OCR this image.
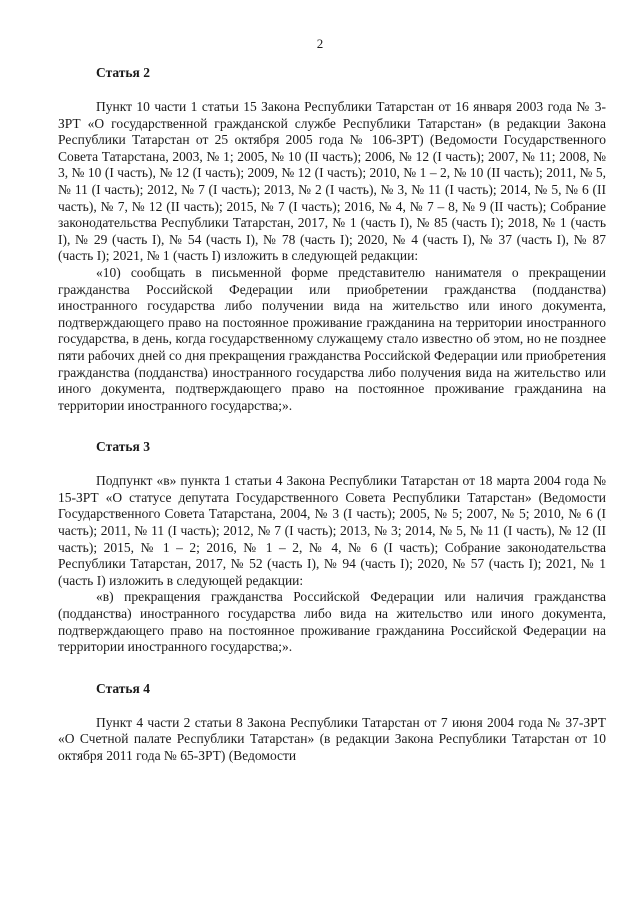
2
Статья 2

Пункт 10 части 1 статьи 15 Закона Республики Татарстан от 16 января 2003 года № 3-ЗРТ «О государственной гражданской службе Республики Татарстан» (в редакции Закона Республики Татарстан от 25 октября 2005 года № 106-ЗРТ) (Ведомости Государственного Совета Татарстана, 2003, № 1; 2005, № 10 (II часть); 2006, № 12 (I часть); 2007, № 11; 2008, № 3, № 10 (I часть), № 12 (I часть); 2009, № 12 (I часть); 2010, № 1 – 2, № 10 (II часть); 2011, № 5, № 11 (I часть); 2012, № 7 (I часть); 2013, № 2 (I часть), № 3, № 11 (I часть); 2014, № 5, № 6 (II часть), № 7, № 12 (II часть); 2015, № 7 (I часть); 2016, № 4, № 7 – 8, № 9 (II часть); Собрание законодательства Республики Татарстан, 2017, № 1 (часть I), № 85 (часть I); 2018, № 1 (часть I), № 29 (часть I), № 54 (часть I), № 78 (часть I); 2020, № 4 (часть I), № 37 (часть I), № 87 (часть I); 2021, № 1 (часть I) изложить в следующей редакции:

«10) сообщать в письменной форме представителю нанимателя о прекращении гражданства Российской Федерации или приобретении гражданства (подданства) иностранного государства либо получении вида на жительство или иного документа, подтверждающего право на постоянное проживание гражданина на территории иностранного государства, в день, когда государственному служащему стало известно об этом, но не позднее пяти рабочих дней со дня прекращения гражданства Российской Федерации или приобретения гражданства (подданства) иностранного государства либо получения вида на жительство или иного документа, подтверждающего право на постоянное проживание гражданина на территории иностранного государства;».

Статья 3

Подпункт «в» пункта 1 статьи 4 Закона Республики Татарстан от 18 марта 2004 года № 15-ЗРТ «О статусе депутата Государственного Совета Республики Татарстан» (Ведомости Государственного Совета Татарстана, 2004, № 3 (I часть); 2005, № 5; 2007, № 5; 2010, № 6 (I часть); 2011, № 11 (I часть); 2012, № 7 (I часть); 2013, № 3; 2014, № 5, № 11 (I часть), № 12 (II часть); 2015, № 1 – 2; 2016, № 1 – 2, № 4, № 6 (I часть); Собрание законодательства Республики Татарстан, 2017, № 52 (часть I), № 94 (часть I); 2020, № 57 (часть I); 2021, № 1 (часть I) изложить в следующей редакции:

«в) прекращения гражданства Российской Федерации или наличия гражданства (подданства) иностранного государства либо вида на жительство или иного документа, подтверждающего право на постоянное проживание гражданина Российской Федерации на территории иностранного государства;».

Статья 4

Пункт 4 части 2 статьи 8 Закона Республики Татарстан от 7 июня 2004 года № 37-ЗРТ «О Счетной палате Республики Татарстан» (в редакции Закона Республики Татарстан от 10 октября 2011 года № 65-ЗРТ) (Ведомости
